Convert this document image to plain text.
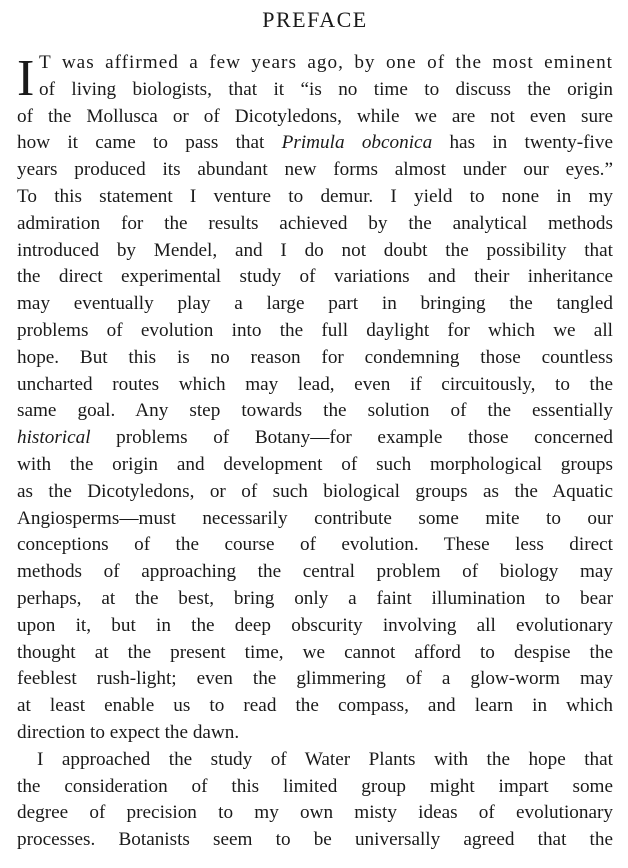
PREFACE
I T was affirmed a few years ago, by one of the most eminent
of living biologists, that it “is no time to discuss the origin
of the Mollusca or of Dicotyledons, while we are not even sure
how it came to pass that Primula obconica has in twenty-five
years produced its abundant new forms almost under our eyes.”
To this statement I venture to demur. I yield to none in my
admiration for the results achieved by the analytical methods
introduced by Mendel, and I do not doubt the possibility that
the direct experimental study of variations and their inheritance
may eventually play a large part in bringing the tangled
problems of evolution into the full daylight for which we all
hope. But this is no reason for condemning those countless
uncharted routes which may lead, even if circuitously, to the
same goal. Any step towards the solution of the essentially
historical problems of Botany—for example those concerned
with the origin and development of such morphological groups
as the Dicotyledons, or of such biological groups as the Aquatic
Angiosperms—must necessarily contribute some mite to our
conceptions of the course of evolution. These less direct
methods of approaching the central problem of biology may
perhaps, at the best, bring only a faint illumination to bear
upon it, but in the deep obscurity involving all evolutionary
thought at the present time, we cannot afford to despise the
feeblest rush-light; even the glimmering of a glow-worm may
at least enable us to read the compass, and learn in which
direction to expect the dawn.
I approached the study of Water Plants with the hope that
the consideration of this limited group might impart some
degree of precision to my own misty ideas of evolutionary
processes. Botanists seem to be universally agreed that the
